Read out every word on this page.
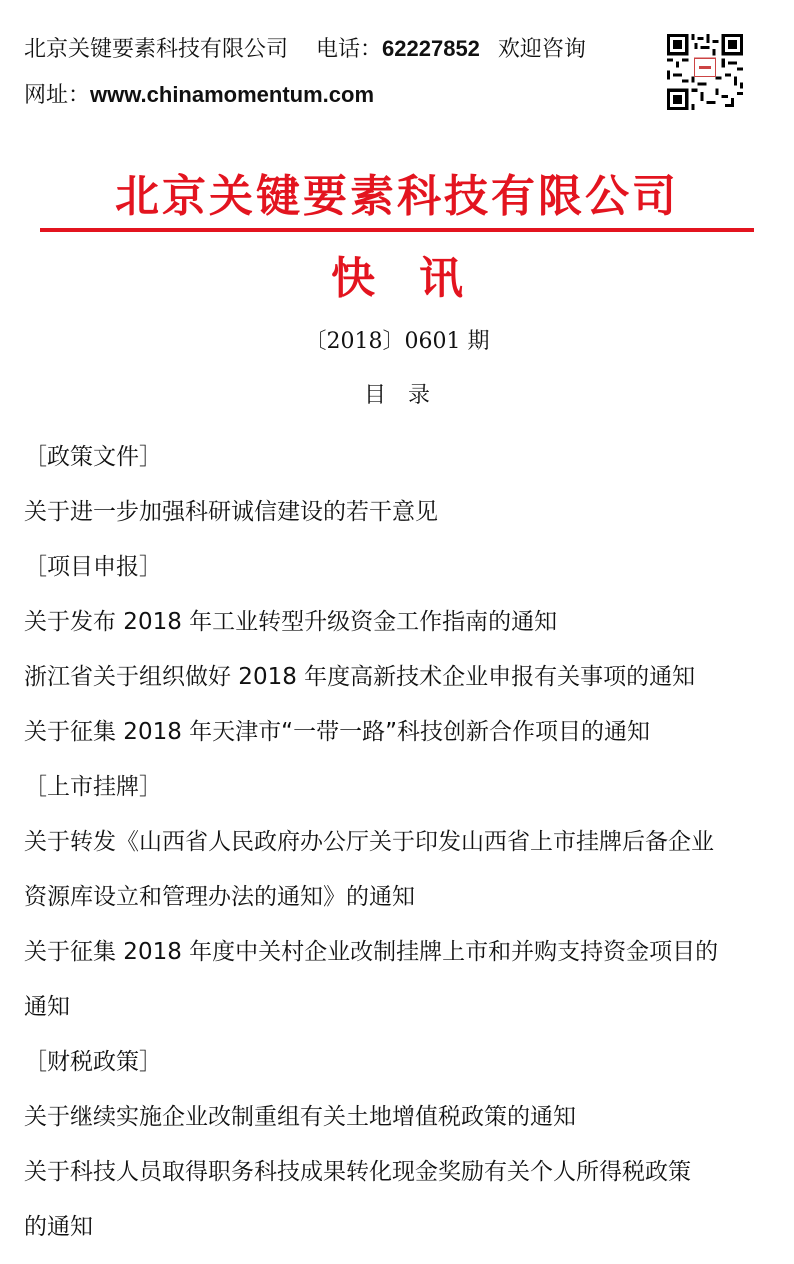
北京关键要素科技有限公司 电话：62227852 欢迎咨询
网址：www.chinamomentum.com
北京关键要素科技有限公司
快　讯
〔2018〕0601 期
目　录
［政策文件］
关于进一步加强科研诚信建设的若干意见
［项目申报］
关于发布 2018 年工业转型升级资金工作指南的通知
浙江省关于组织做好 2018 年度高新技术企业申报有关事项的通知
关于征集 2018 年天津市“一带一路”科技创新合作项目的通知
［上市挂牌］
关于转发《山西省人民政府办公厅关于印发山西省上市挂牌后备企业
资源库设立和管理办法的通知》的通知
关于征集 2018 年度中关村企业改制挂牌上市和并购支持资金项目的
通知
［财税政策］
关于继续实施企业改制重组有关土地增值税政策的通知
关于科技人员取得职务科技成果转化现金奖励有关个人所得税政策
的通知
